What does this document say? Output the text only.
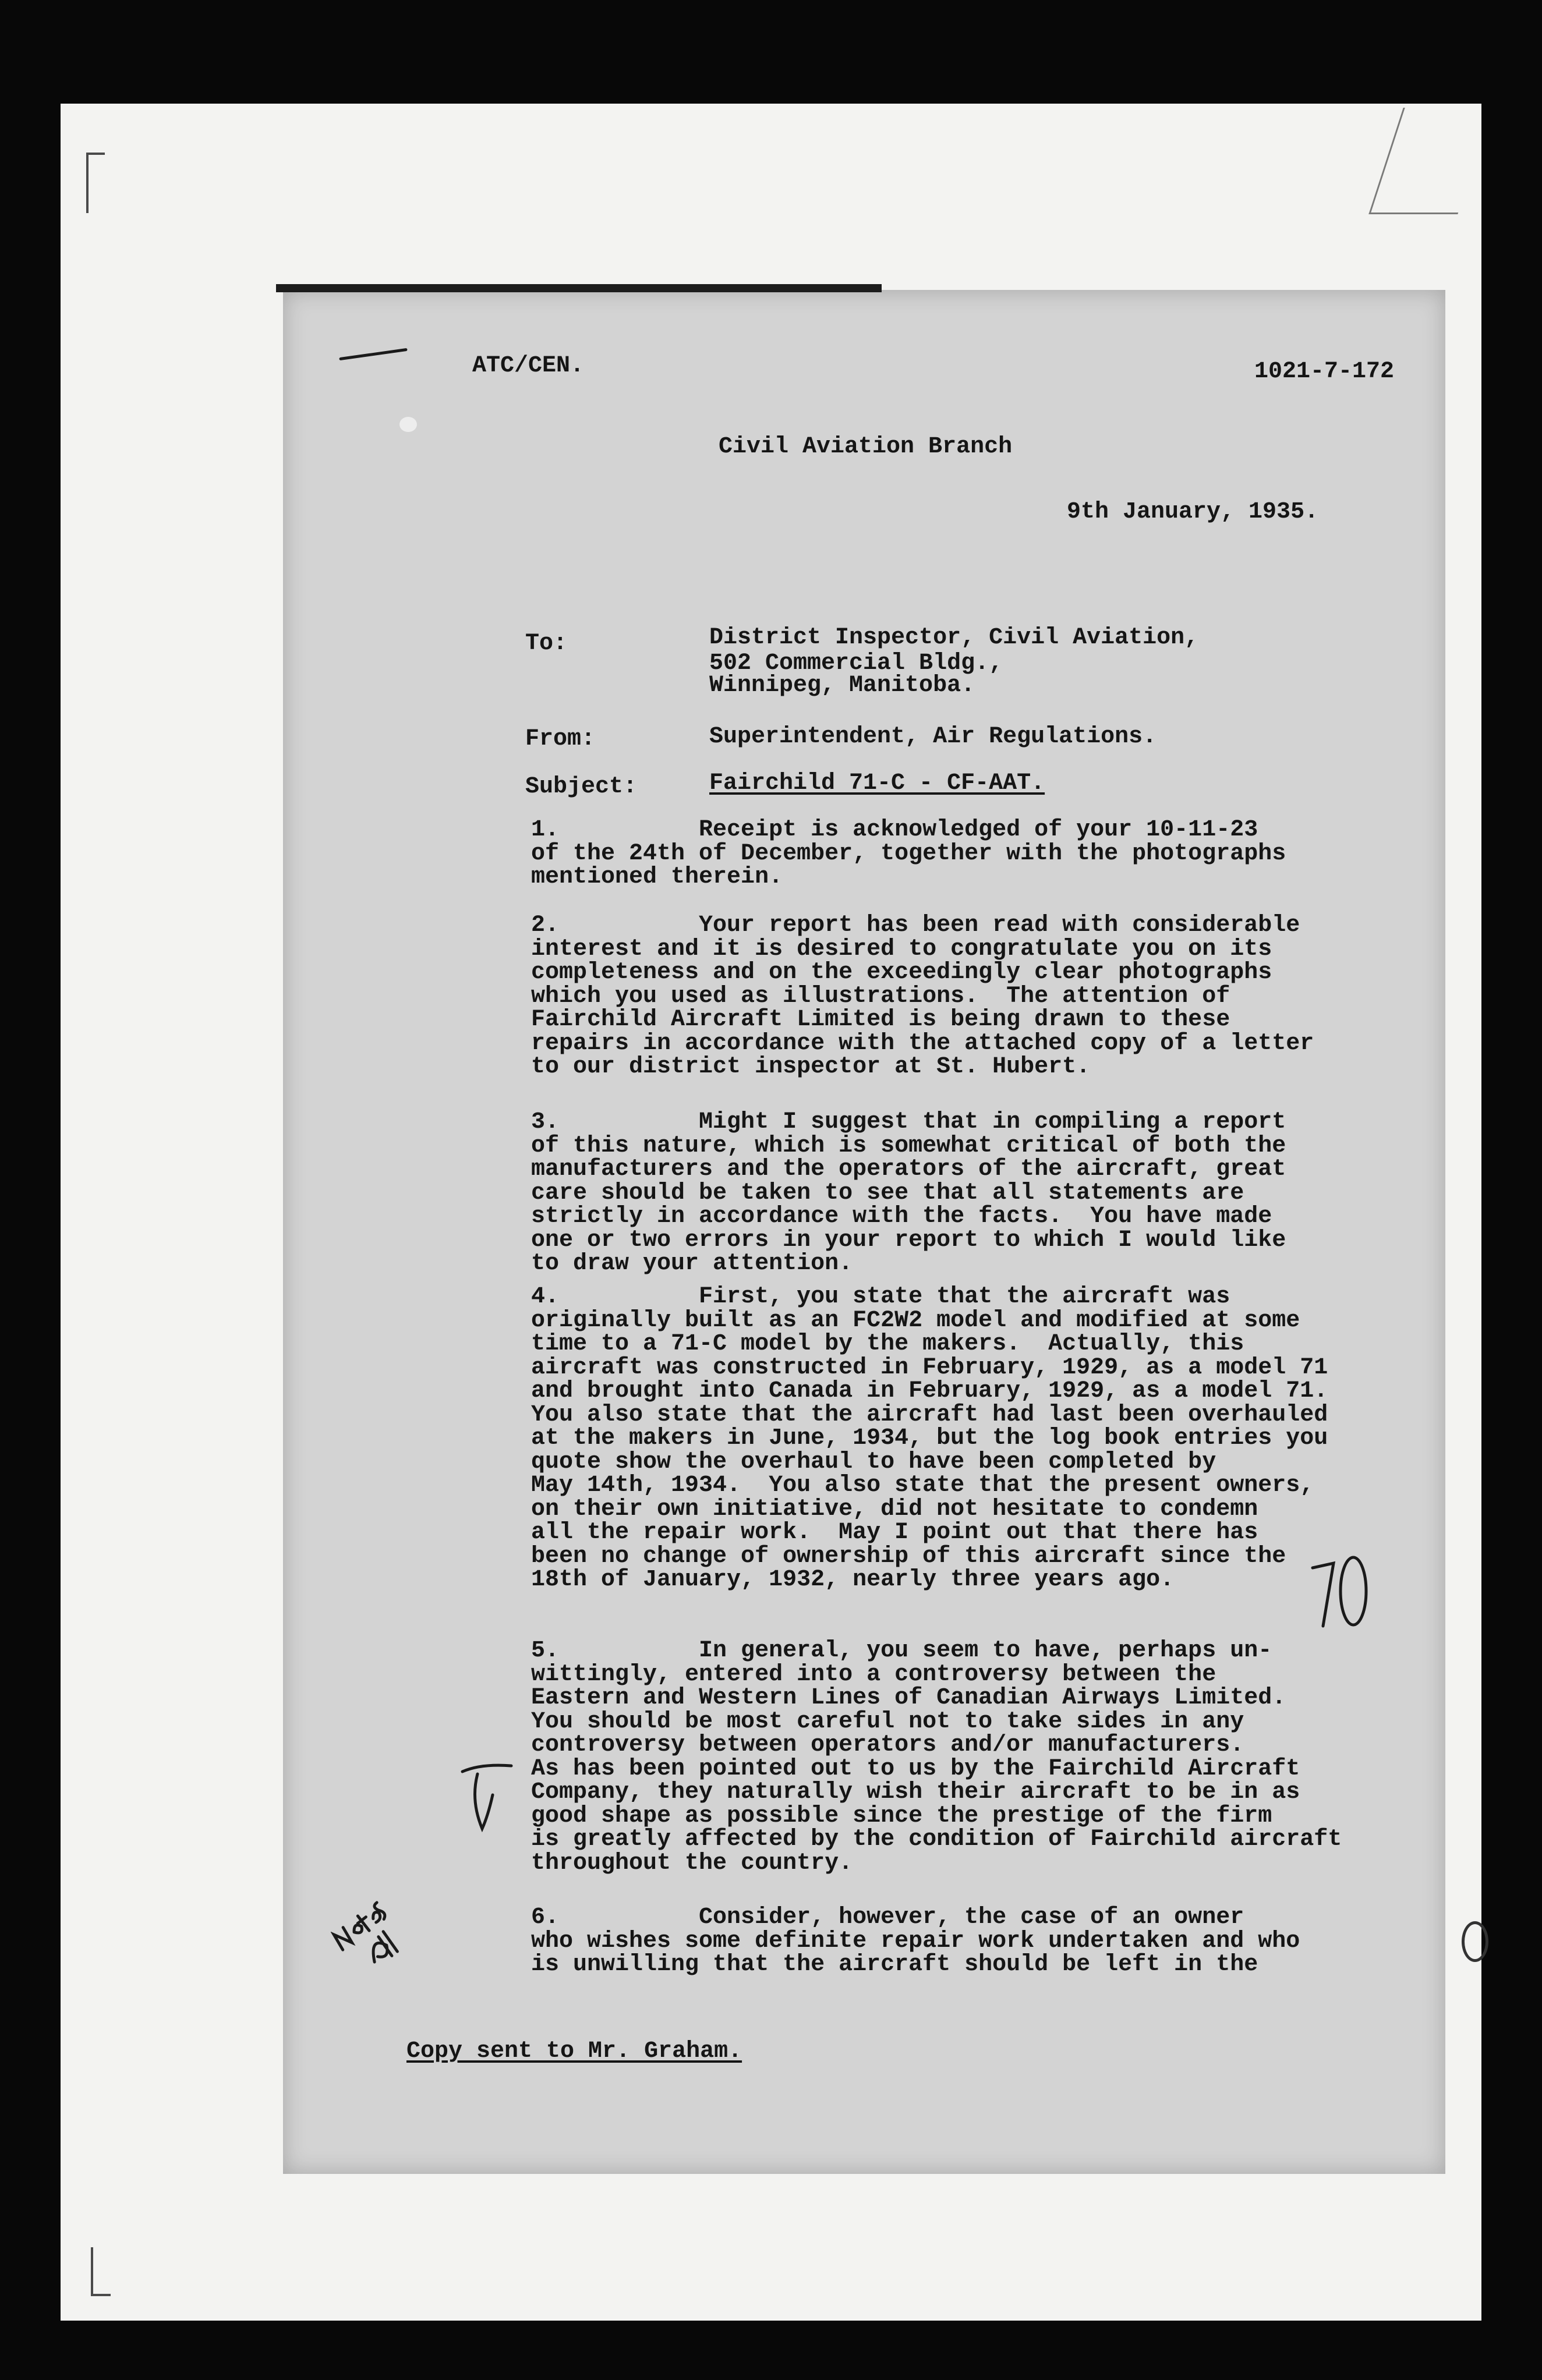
ATC/CEN.	1021-7-172
Civil Aviation Branch
9th January, 1935.
To:	District Inspector, Civil Aviation,
502 Commercial Bldg.,
Winnipeg, Manitoba.
From:	Superintendent, Air Regulations.
Subject:	Fairchild 71-C - CF-AAT.

1.          Receipt is acknowledged of your 10-11-23
of the 24th of December, together with the photographs
mentioned therein.

2.          Your report has been read with considerable
interest and it is desired to congratulate you on its
completeness and on the exceedingly clear photographs
which you used as illustrations.  The attention of
Fairchild Aircraft Limited is being drawn to these
repairs in accordance with the attached copy of a letter
to our district inspector at St. Hubert.

3.          Might I suggest that in compiling a report
of this nature, which is somewhat critical of both the
manufacturers and the operators of the aircraft, great
care should be taken to see that all statements are
strictly in accordance with the facts.  You have made
one or two errors in your report to which I would like
to draw your attention.

4.          First, you state that the aircraft was
originally built as an FC2W2 model and modified at some
time to a 71-C model by the makers.  Actually, this
aircraft was constructed in February, 1929, as a model 71
and brought into Canada in February, 1929, as a model 71.
You also state that the aircraft had last been overhauled
at the makers in June, 1934, but the log book entries you
quote show the overhaul to have been completed by
May 14th, 1934.  You also state that the present owners,
on their own initiative, did not hesitate to condemn
all the repair work.  May I point out that there has
been no change of ownership of this aircraft since the
18th of January, 1932, nearly three years ago.

5.          In general, you seem to have, perhaps un-
wittingly, entered into a controversy between the
Eastern and Western Lines of Canadian Airways Limited.
You should be most careful not to take sides in any
controversy between operators and/or manufacturers.
As has been pointed out to us by the Fairchild Aircraft
Company, they naturally wish their aircraft to be in as
good shape as possible since the prestige of the firm
is greatly affected by the condition of Fairchild aircraft
throughout the country.

6.          Consider, however, the case of an owner
who wishes some definite repair work undertaken and who
is unwilling that the aircraft should be left in the

Copy sent to Mr. Graham.
